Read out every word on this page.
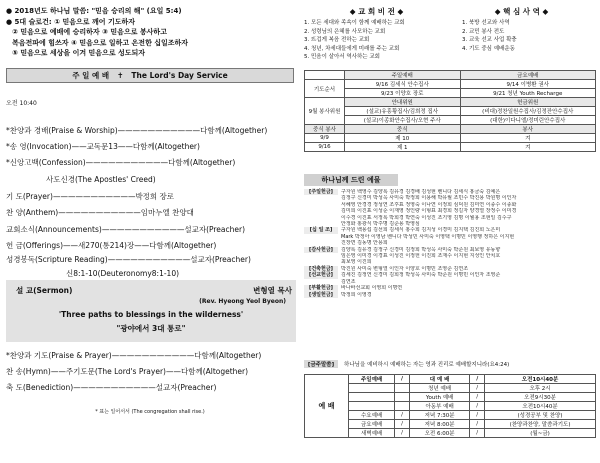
● 2018년도 하나님 말씀: "믿음 승리의 해" (요일 5:4)
● 5대 슬로건: ① 믿음으로 깨어 기도하자
② 믿음으로 예배에 승리하자 ③ 믿음으로 봉사하고
복음전파에 힘쓰자 ④ 믿음으로 일하고 온전한 십일조하자
⑤ 믿음으로 세상을 이겨 믿음으로 성도되자
주 일 예 배 ✝ The Lord's Day Service
오전 10:40
*찬양과 경배(Praise & Worship)———————————다함께(Altogether)
*송 영(Invocation)——교독문13——다함께(Altogether)
*신앙고백(Confession)———————————다함께(Altogether)
사도신경(The Apostles' Creed)
기 도(Prayer)———————————박정희 장로
찬 양(Anthem)———————————임마누엘 찬양대
교회소식(Announcements)———————————설교자(Preacher)
헌 금(Offerings)——새270(통214)장——다함께(Altogether)
성경봉독(Scripture Reading)———————————설교자(Preacher)
설 교(Sermon)	변형열 목사
(Rev. Hyeong Yeol Byeon)
'Three paths to blessings in the wilderness'
"광야에서 3대 통로"
신8:1-10(Deuteronomy8:1-10)
*찬양과 기도(Praise & Prayer)———————————다함께(Altogether)
찬 송(Hymn)——주기도문(The Lord's Prayer)——다함께(Altogether)
축 도(Benediction)———————————설교자(Preacher)
* 표는 일어서서 (The congregation shall rise.)
◆ 교 회 비 전 ◆	◆ 핵 심 사 역 ◆
1. 모든 세대와 족속이 함께 예배하는 교회
2. 성령님의 은혜를 사모하는 교회
3. 뜨겁게 복음 전하는 교회
4. 청년, 차세대들에게 미래를 주는 교회
5. 민음이 살아서 역사하는 교회
1. 북방 선교와 사역
2. 교민 봉사 전도
3. 교육 선교 사업 확충
4. 기도 중심 예배운동
	주일예배	금요예배
기도순서	9/16 김세식 안수집사	9/14 이병환 권사
	9/23 이양호 장로	9/21 청년 Youth Recharge
9월 봉사위원	안내위원	헌금위원
	(설교)유흥황집사/김희정 집사	(비대)정찬일원수집사/김정잔안수집사
	(설교)이종화안수집사/오현 주사	(대한)이다니엘/정미린안수집사
중식 봉사	중식	봉사
9/9	제 10	겨
9/16	제 1	겨
하나님께 드린 예물
[주일헌금]	구자원 백영수 김양록 김유경 김경배 김성현 벤니다 김세식 홍금숙 김예은
김정구 신경미 박성옥 사미숙 박정희 이용해 박유월 조민수 박진용 박원명 이인자
서혜영 안경경 정성연 조후표 정영숙 이나연 이정희 심덕원 김미연 이종수 이종화
김미희 이진표 이성순 이재영 정인량 이형표 최경희 정길자 양경열 장정수 이미경
이수경 이진표 서정록 박희경 박연숙 이성진 조기영 김명 이월용 조현일 김수구
안정화 홍광식 박주명 김준용 박영심
[십 일 조]	구자원 백용섭 김선희 김세식 홍수희 김지성 이경미 김지택 김진희 노은미
Mark 박정아 이영남 벤니다 박성민 사미숙 이영택 이명민 이영행 정하은 이지현
진장면 김동명 안용희
[감사헌금]	김양록 김유경 김정구 신경미 김정희 박성옥 사미숙 박준원 최보영 유동향
임은영 이미경 이경표 이성진 이정헌 이진희 조재수 이지현 지성인 안치호
최보영 이진희
[건축헌금]	박진원 사미숙 변형열 이인자 이양호 이명민 조영준 김연조
[선교헌금]	김세진 김정연 신경미 김희정 박성옥 사미숙 박준원 이명민 이인자 조영준
김연조
[부활헌금]	바나바선교회 이영희 이명연
[생일헌금]	박정희 이영경
[금주말씀]	하나님을 예비하시 예배하는 자는 영과 진리로 예배할지니라(요4:24)
예 배	주일예배	/	대 예 배	/	오전10시40분
			청년 예배	/	오후 2시
			Youth 예배	/	오전9시30분
			아동부 예배	/	오전10시40분
	수요예배	/	저녁 7:30분	/	(성경공부 및 찬양)
	금요예배	/	저녁 8:00분	/	(찬양과찬양, 말씀과기도)
	새벽예배	/	오전 6:00분	/	(월~금)
